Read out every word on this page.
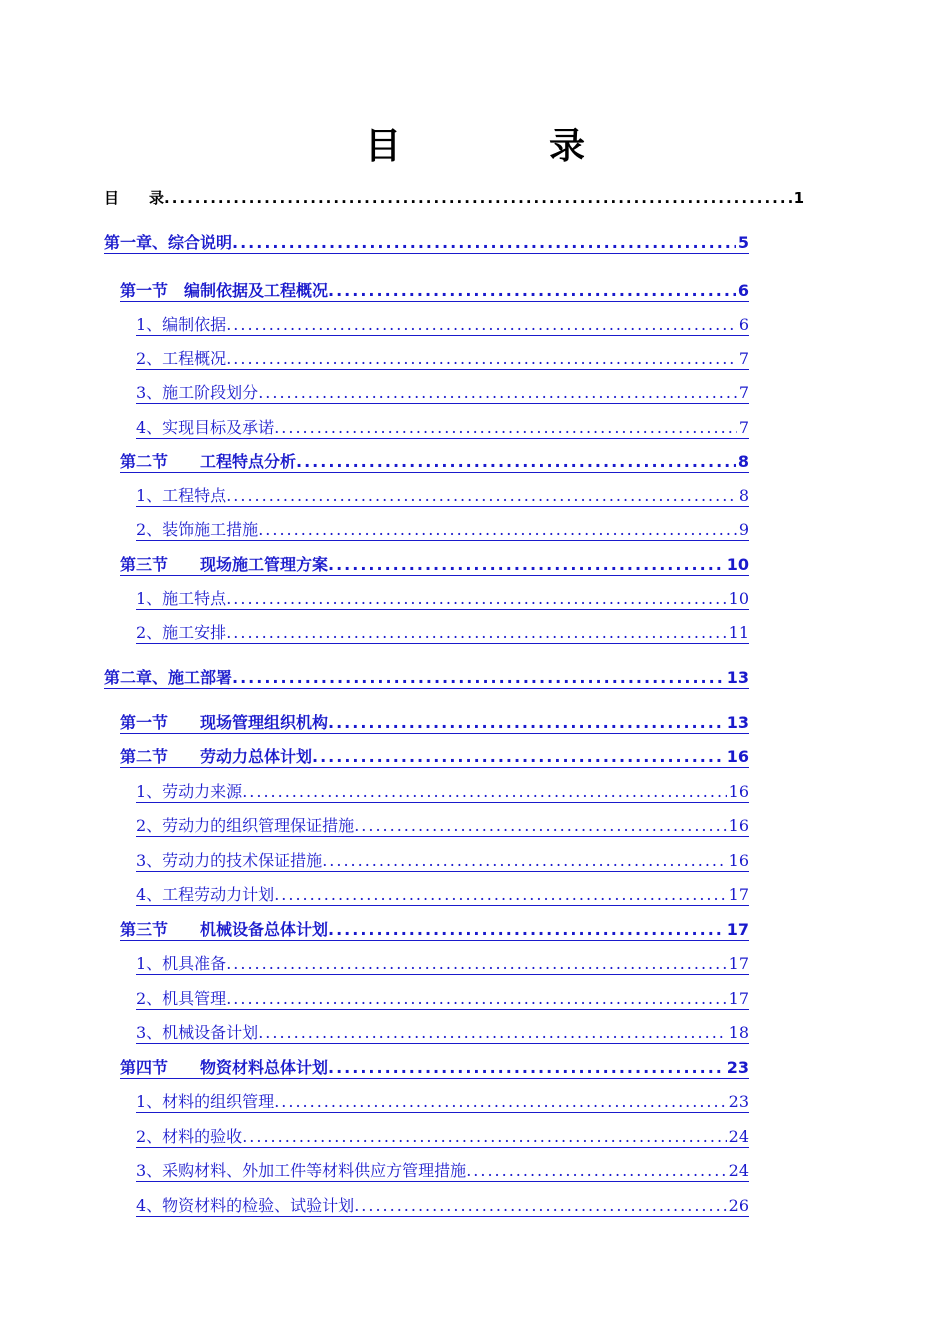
目　录
目　　录 .....	1
第一章、综合说明 .....	5
第一节　编制依据及工程概况 .....	6
1、编制依据 .....	6
2、工程概况 .....	7
3、施工阶段划分 .....	7
4、实现目标及承诺 .....	7
第二节　　工程特点分析 .....	8
1、工程特点 .....	8
2、装饰施工措施 .....	9
第三节　　现场施工管理方案 .....	10
1、施工特点 .....	10
2、施工安排 .....	11
第二章、施工部署 .....	13
第一节　　现场管理组织机构 .....	13
第二节　　劳动力总体计划 .....	16
1、劳动力来源 .....	16
2、劳动力的组织管理保证措施 .....	16
3、劳动力的技术保证措施 .....	16
4、工程劳动力计划 .....	17
第三节　　机械设备总体计划 .....	17
1、机具准备 .....	17
2、机具管理 .....	17
3、机械设备计划 .....	18
第四节　　物资材料总体计划 .....	23
1、材料的组织管理 .....	23
2、材料的验收 .....	24
3、采购材料、外加工件等材料供应方管理措施 .....	24
4、物资材料的检验、试验计划 .....	26
